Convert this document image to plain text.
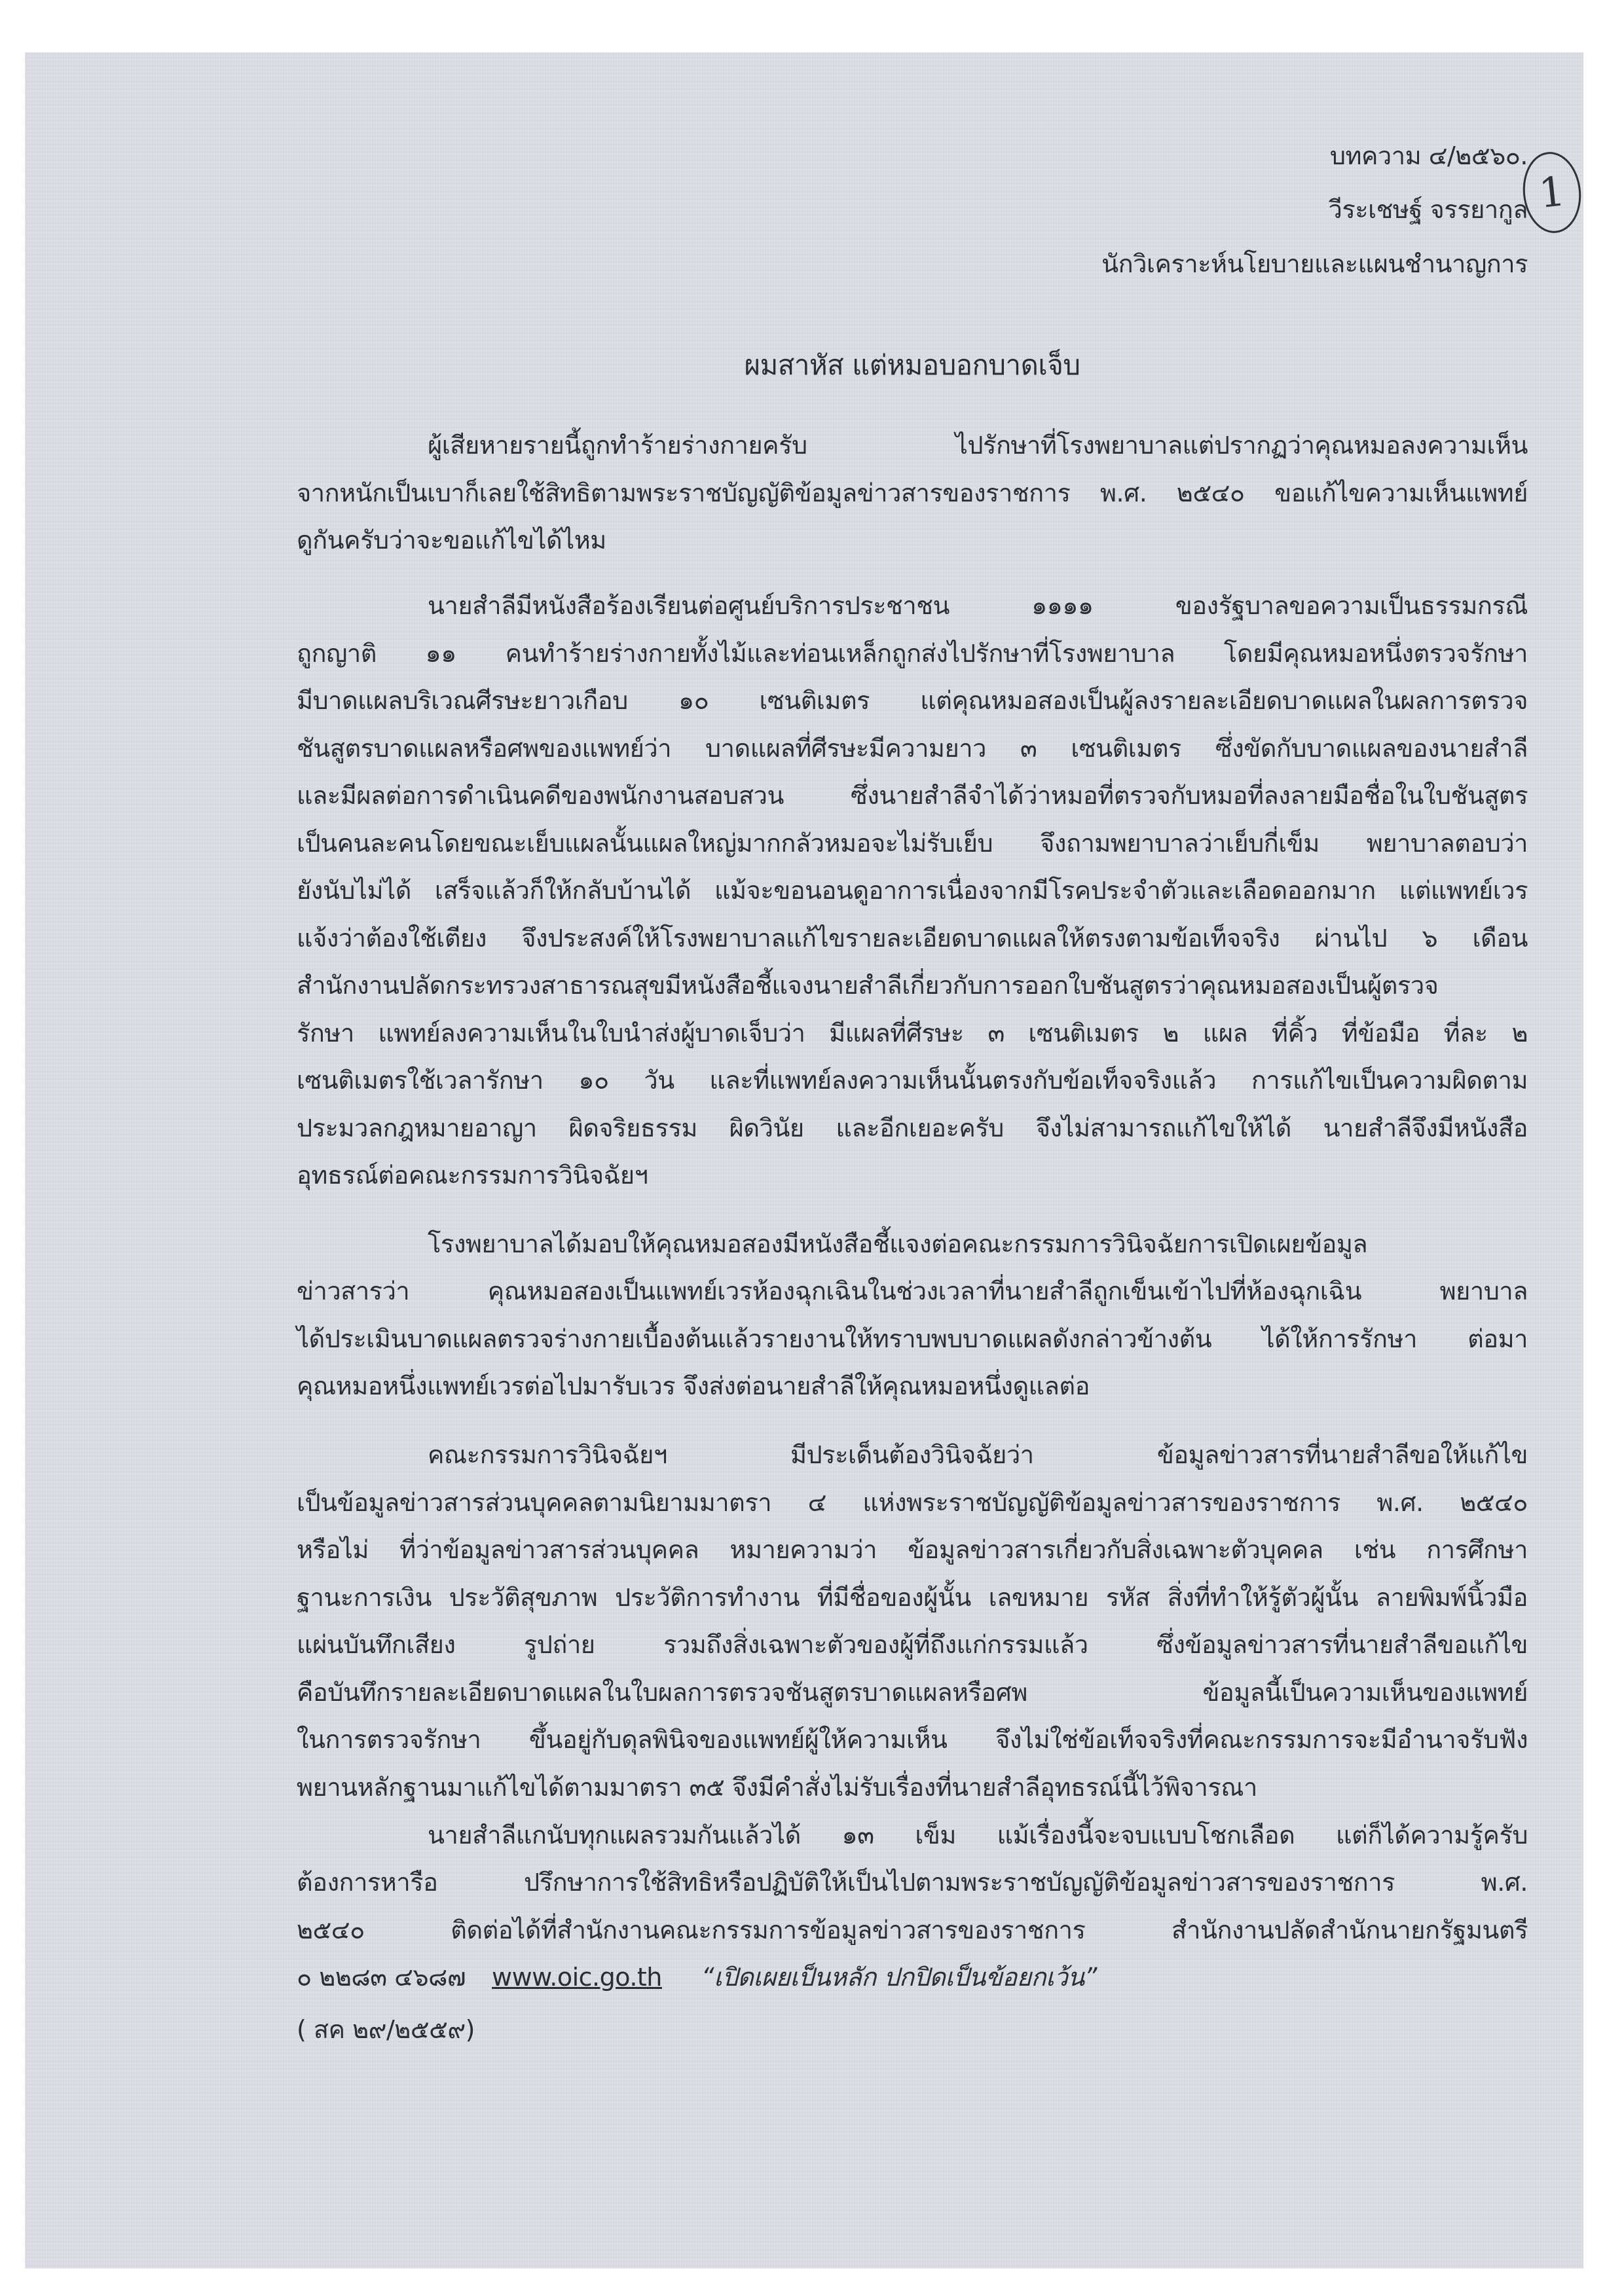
1
บทความ ๔/๒๕๖๐.
วีระเชษฐ์ จรรยากูล
นักวิเคราะห์นโยบายและแผนชำนาญการ
ผมสาหัส แต่หมอบอกบาดเจ็บ
ผู้เสียหายรายนี้ถูกทำร้ายร่างกายครับ ไปรักษาที่โรงพยาบาลแต่ปรากฏว่าคุณหมอลงความเห็น
จากหนักเป็นเบาก็เลยใช้สิทธิตามพระราชบัญญัติข้อมูลข่าวสารของราชการ พ.ศ. ๒๕๔๐ ขอแก้ไขความเห็นแพทย์
ดูกันครับว่าจะขอแก้ไขได้ไหม
นายสำลีมีหนังสือร้องเรียนต่อศูนย์บริการประชาชน ๑๑๑๑ ของรัฐบาลขอความเป็นธรรมกรณี
ถูกญาติ ๑๑ คนทำร้ายร่างกายทั้งไม้และท่อนเหล็กถูกส่งไปรักษาที่โรงพยาบาล โดยมีคุณหมอหนึ่งตรวจรักษา
มีบาดแผลบริเวณศีรษะยาวเกือบ ๑๐ เซนติเมตร แต่คุณหมอสองเป็นผู้ลงรายละเอียดบาดแผลในผลการตรวจ
ชันสูตรบาดแผลหรือศพของแพทย์ว่า บาดแผลที่ศีรษะมีความยาว ๓ เซนติเมตร ซึ่งขัดกับบาดแผลของนายสำลี
และมีผลต่อการดำเนินคดีของพนักงานสอบสวน ซึ่งนายสำลีจำได้ว่าหมอที่ตรวจกับหมอที่ลงลายมือชื่อในใบชันสูตร
เป็นคนละคนโดยขณะเย็บแผลนั้นแผลใหญ่มากกลัวหมอจะไม่รับเย็บ จึงถามพยาบาลว่าเย็บกี่เข็ม พยาบาลตอบว่า
ยังนับไม่ได้ เสร็จแล้วก็ให้กลับบ้านได้ แม้จะขอนอนดูอาการเนื่องจากมีโรคประจำตัวและเลือดออกมาก แต่แพทย์เวร
แจ้งว่าต้องใช้เตียง จึงประสงค์ให้โรงพยาบาลแก้ไขรายละเอียดบาดแผลให้ตรงตามข้อเท็จจริง ผ่านไป ๖ เดือน
สำนักงานปลัดกระทรวงสาธารณสุขมีหนังสือชี้แจงนายสำลีเกี่ยวกับการออกใบชันสูตรว่าคุณหมอสองเป็นผู้ตรวจ
รักษา แพทย์ลงความเห็นในใบนำส่งผู้บาดเจ็บว่า มีแผลที่ศีรษะ ๓ เซนติเมตร ๒ แผล ที่คิ้ว ที่ข้อมือ ที่ละ ๒
เซนติเมตรใช้เวลารักษา ๑๐ วัน และที่แพทย์ลงความเห็นนั้นตรงกับข้อเท็จจริงแล้ว การแก้ไขเป็นความผิดตาม
ประมวลกฎหมายอาญา ผิดจริยธรรม ผิดวินัย และอีกเยอะครับ จึงไม่สามารถแก้ไขให้ได้ นายสำลีจึงมีหนังสือ
อุทธรณ์ต่อคณะกรรมการวินิจฉัยฯ
โรงพยาบาลได้มอบให้คุณหมอสองมีหนังสือชี้แจงต่อคณะกรรมการวินิจฉัยการเปิดเผยข้อมูล
ข่าวสารว่า คุณหมอสองเป็นแพทย์เวรห้องฉุกเฉินในช่วงเวลาที่นายสำลีถูกเข็นเข้าไปที่ห้องฉุกเฉิน พยาบาล
ได้ประเมินบาดแผลตรวจร่างกายเบื้องต้นแล้วรายงานให้ทราบพบบาดแผลดังกล่าวข้างต้น ได้ให้การรักษา ต่อมา
คุณหมอหนึ่งแพทย์เวรต่อไปมารับเวร จึงส่งต่อนายสำลีให้คุณหมอหนึ่งดูแลต่อ
คณะกรรมการวินิจฉัยฯ มีประเด็นต้องวินิจฉัยว่า ข้อมูลข่าวสารที่นายสำลีขอให้แก้ไข
เป็นข้อมูลข่าวสารส่วนบุคคลตามนิยามมาตรา ๔ แห่งพระราชบัญญัติข้อมูลข่าวสารของราชการ พ.ศ. ๒๕๔๐
หรือไม่ ที่ว่าข้อมูลข่าวสารส่วนบุคคล หมายความว่า ข้อมูลข่าวสารเกี่ยวกับสิ่งเฉพาะตัวบุคคล เช่น การศึกษา
ฐานะการเงิน ประวัติสุขภาพ ประวัติการทำงาน ที่มีชื่อของผู้นั้น เลขหมาย รหัส สิ่งที่ทำให้รู้ตัวผู้นั้น ลายพิมพ์นิ้วมือ
แผ่นบันทึกเสียง รูปถ่าย รวมถึงสิ่งเฉพาะตัวของผู้ที่ถึงแก่กรรมแล้ว ซึ่งข้อมูลข่าวสารที่นายสำลีขอแก้ไข
คือบันทึกรายละเอียดบาดแผลในใบผลการตรวจชันสูตรบาดแผลหรือศพ ข้อมูลนี้เป็นความเห็นของแพทย์
ในการตรวจรักษา ขึ้นอยู่กับดุลพินิจของแพทย์ผู้ให้ความเห็น จึงไม่ใช่ข้อเท็จจริงที่คณะกรรมการจะมีอำนาจรับฟัง
พยานหลักฐานมาแก้ไขได้ตามมาตรา ๓๕ จึงมีคำสั่งไม่รับเรื่องที่นายสำลีอุทธรณ์นี้ไว้พิจารณา
นายสำลีแกนับทุกแผลรวมกันแล้วได้ ๑๓ เข็ม แม้เรื่องนี้จะจบแบบโชกเลือด แต่ก็ได้ความรู้ครับ
ต้องการหารือ ปรึกษาการใช้สิทธิหรือปฏิบัติให้เป็นไปตามพระราชบัญญัติข้อมูลข่าวสารของราชการ พ.ศ.
๒๕๔๐ ติดต่อได้ที่สำนักงานคณะกรรมการข้อมูลข่าวสารของราชการ สำนักงานปลัดสำนักนายกรัฐมนตรี
๐ ๒๒๘๓ ๔๖๘๗ www.oic.go.th “เปิดเผยเป็นหลัก ปกปิดเป็นข้อยกเว้น”
( สค ๒๙/๒๕๕๙)
